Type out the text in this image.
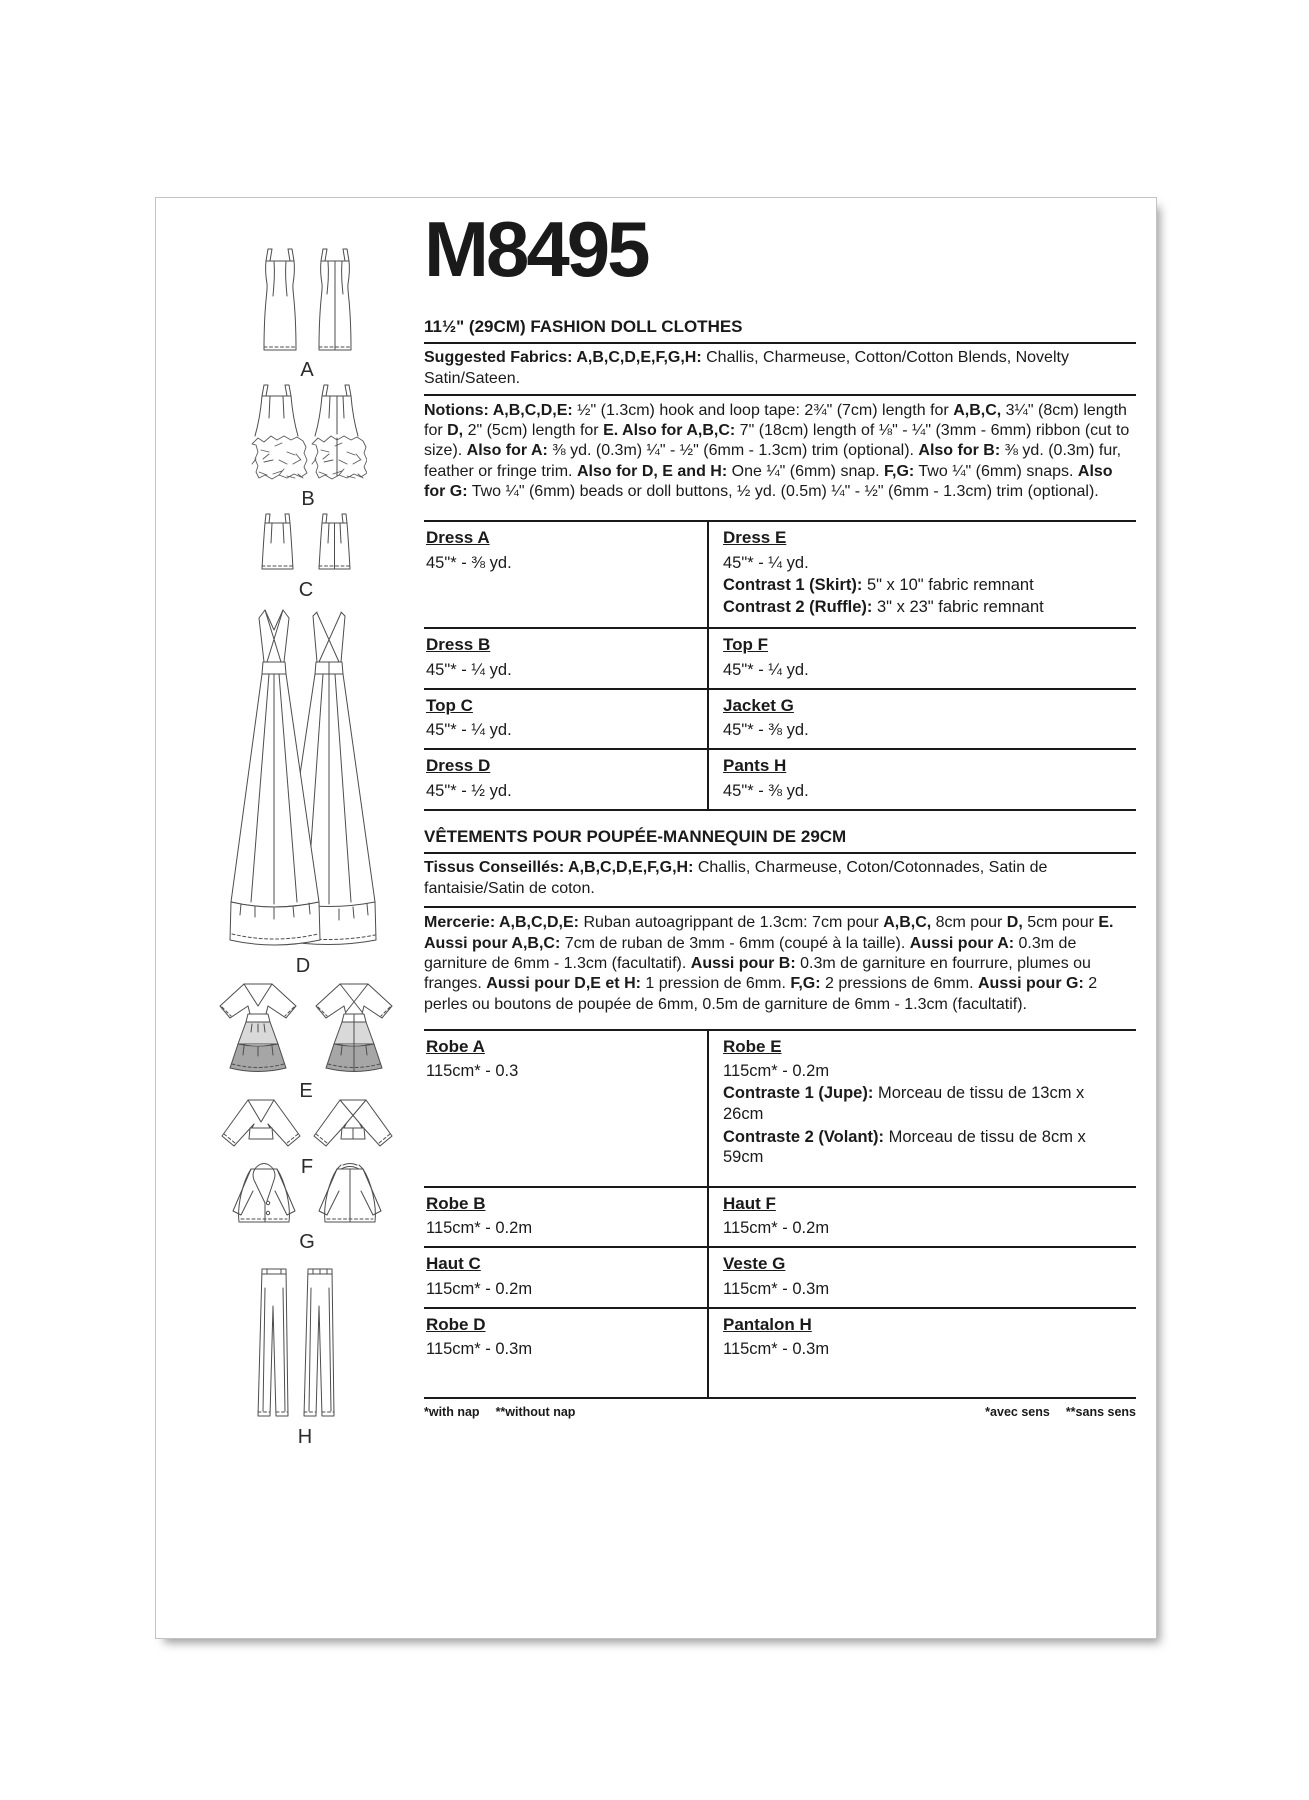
A
B
C
D
E
F
G
H
M8495
11½" (29CM) FASHION DOLL CLOTHES
Suggested Fabrics: A,B,C,D,E,F,G,H: Challis, Charmeuse, Cotton/Cotton Blends, Novelty Satin/Sateen.
Notions: A,B,C,D,E: ½" (1.3cm) hook and loop tape: 2¾" (7cm) length for A,B,C, 3¼" (8cm) length for D, 2" (5cm) length for E. Also for A,B,C: 7" (18cm) length of ⅛" - ¼" (3mm - 6mm) ribbon (cut to size). Also for A: ⅜ yd. (0.3m) ¼" - ½" (6mm - 1.3cm) trim (optional). Also for B: ⅜ yd. (0.3m) fur, feather or fringe trim. Also for D, E and H: One ¼" (6mm) snap. F,G: Two ¼" (6mm) snaps. Also for G: Two ¼" (6mm) beads or doll buttons, ½ yd. (0.5m) ¼" - ½" (6mm - 1.3cm) trim (optional).
Dress A
45"* - ⅜ yd.
Dress E
45"* - ¼ yd.
Contrast 1 (Skirt): 5" x 10" fabric remnant
Contrast 2 (Ruffle): 3" x 23" fabric remnant
Dress B
45"* - ¼ yd.
Top F
45"* - ¼ yd.
Top C
45"* - ¼ yd.
Jacket G
45"* - ⅜ yd.
Dress D
45"* - ½ yd.
Pants H
45"* - ⅜ yd.
VÊTEMENTS POUR POUPÉE-MANNEQUIN DE 29CM
Tissus Conseillés: A,B,C,D,E,F,G,H: Challis, Charmeuse, Coton/Cotonnades, Satin de fantaisie/Satin de coton.
Mercerie: A,B,C,D,E: Ruban autoagrippant de 1.3cm: 7cm pour A,B,C, 8cm pour D, 5cm pour E. Aussi pour A,B,C: 7cm de ruban de 3mm - 6mm (coupé à la taille). Aussi pour A: 0.3m de garniture de 6mm - 1.3cm (facultatif). Aussi pour B: 0.3m de garniture en fourrure, plumes ou franges. Aussi pour D,E et H: 1 pression de 6mm. F,G: 2 pressions de 6mm. Aussi pour G: 2 perles ou boutons de poupée de 6mm, 0.5m de garniture de 6mm - 1.3cm (facultatif).
Robe A
115cm* - 0.3
Robe E
115cm* - 0.2m
Contraste 1 (Jupe): Morceau de tissu de 13cm x 26cm
Contraste 2 (Volant): Morceau de tissu de 8cm x 59cm
Robe B
115cm* - 0.2m
Haut F
115cm* - 0.2m
Haut C
115cm* - 0.2m
Veste G
115cm* - 0.3m
Robe D
115cm* - 0.3m
Pantalon H
115cm* - 0.3m
*with nap **without nap	*avec sens **sans sens
